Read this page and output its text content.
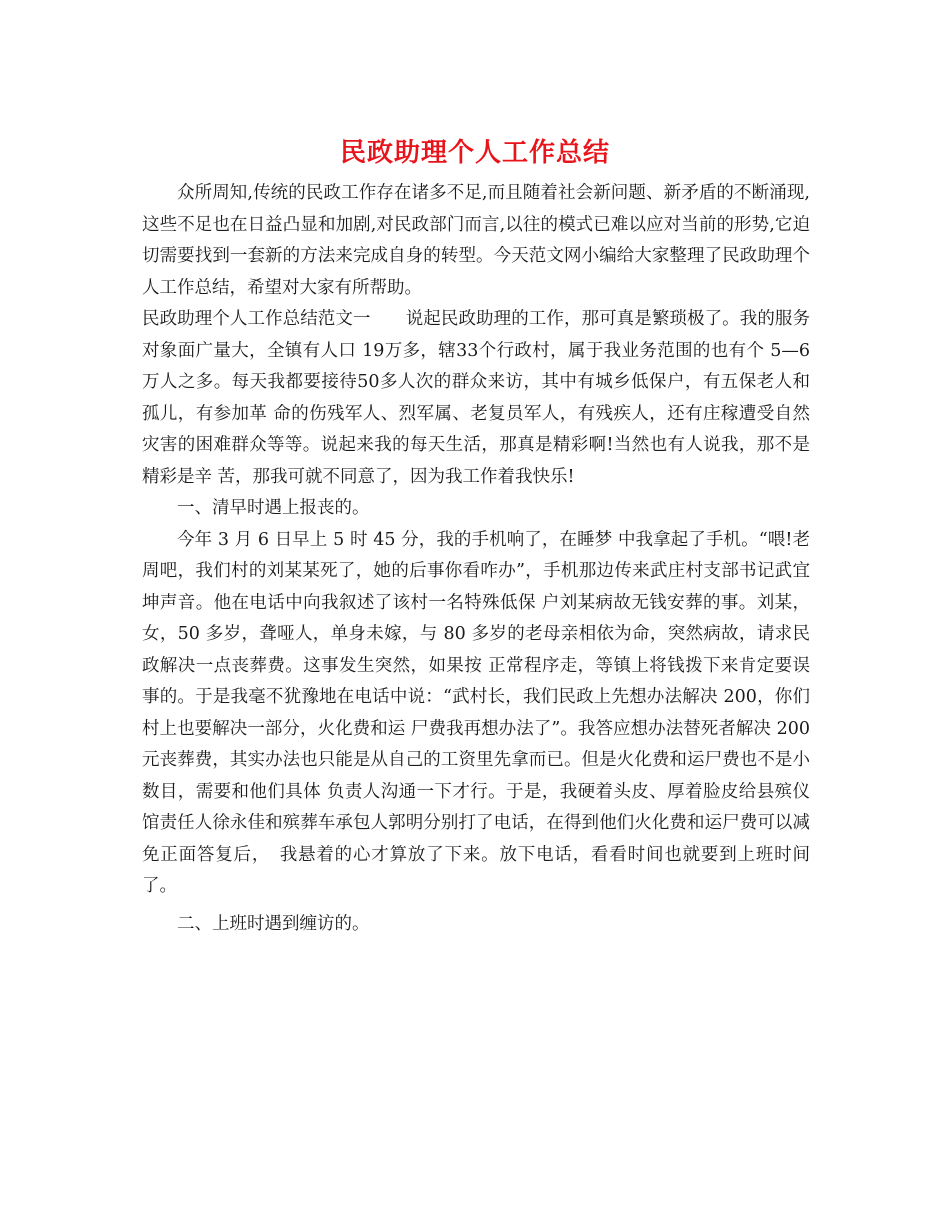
民政助理个人工作总结

众所周知,传统的民政工作存在诸多不足,而且随着社会新问题、新矛盾的不断涌现,这些不足也在日益凸显和加剧,对民政部门而言,以往的模式已难以应对当前的形势,它迫切需要找到一套新的方法来完成自身的转型。今天范文网小编给大家整理了民政助理个人工作总结，希望对大家有所帮助。

民政助理个人工作总结范文一　　说起民政助理的工作，那可真是繁琐极了。我的服务对象面广量大，全镇有人口 19万多，辖33个行政村，属于我业务范围的也有个 5—6 万人之多。每天我都要接待50多人次的群众来访，其中有城乡低保户，有五保老人和孤儿，有参加革 命的伤残军人、烈军属、老复员军人，有残疾人，还有庄稼遭受自然灾害的困难群众等等。说起来我的每天生活，那真是精彩啊!当然也有人说我，那不是精彩是辛 苦，那我可就不同意了，因为我工作着我快乐!

一、清早时遇上报丧的。

今年 3 月 6 日早上 5 时 45 分，我的手机响了，在睡梦 中我拿起了手机。“喂!老周吧，我们村的刘某某死了，她的后事你看咋办”，手机那边传来武庄村支部书记武宜坤声音。他在电话中向我叙述了该村一名特殊低保 户刘某病故无钱安葬的事。刘某，女，50 多岁，聋哑人，单身未嫁，与 80 多岁的老母亲相依为命，突然病故，请求民政解决一点丧葬费。这事发生突然，如果按 正常程序走，等镇上将钱拨下来肯定要误事的。于是我毫不犹豫地在电话中说：“武村长，我们民政上先想办法解决 200，你们村上也要解决一部分，火化费和运 尸费我再想办法了”。我答应想办法替死者解决 200 元丧葬费，其实办法也只能是从自己的工资里先拿而已。但是火化费和运尸费也不是小数目，需要和他们具体 负责人沟通一下才行。于是，我硬着头皮、厚着脸皮给县殡仪馆责任人徐永佳和殡葬车承包人郭明分别打了电话，在得到他们火化费和运尸费可以减免正面答复后，　我悬着的心才算放了下来。放下电话，看看时间也就要到上班时间了。

二、上班时遇到缠访的。
